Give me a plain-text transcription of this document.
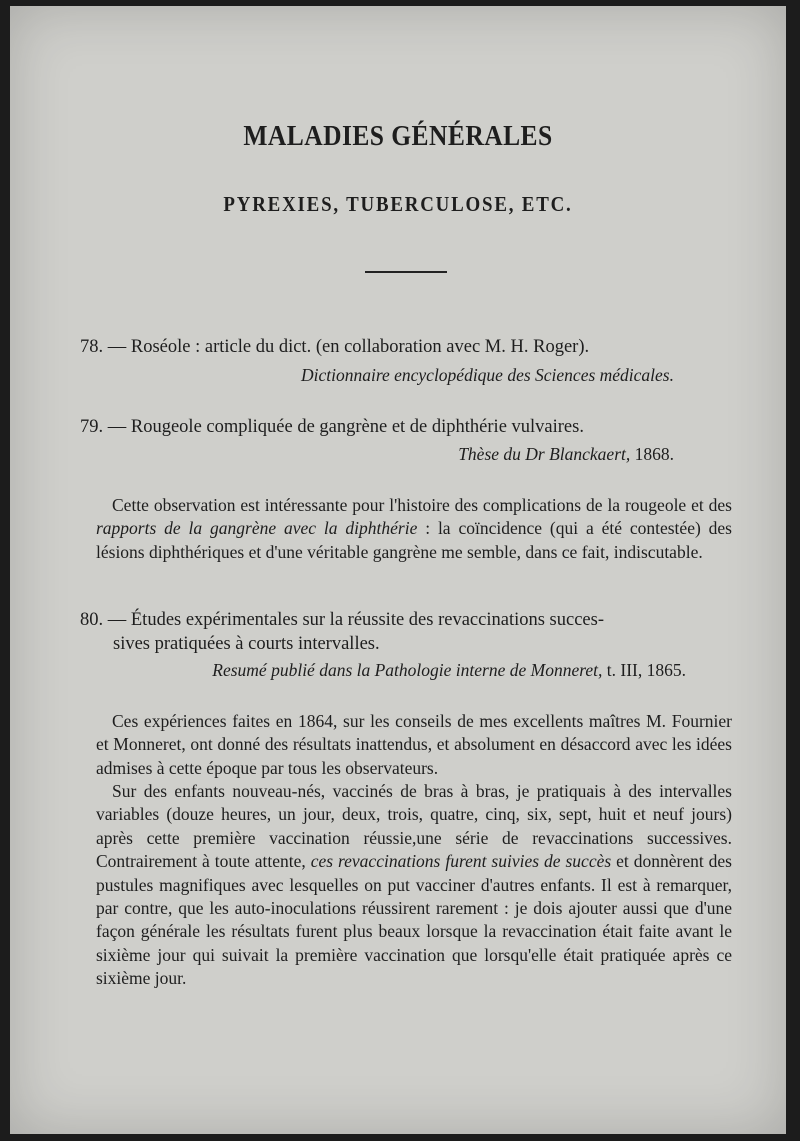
MALADIES GÉNÉRALES
PYREXIES, TUBERCULOSE, ETC.
78. — Roséole : article du dict. (en collaboration avec M. H. Roger).
Dictionnaire encyclopédique des Sciences médicales.
79. — Rougeole compliquée de gangrène et de diphthérie vulvaires.
Thèse du Dr Blanckaert, 1868.
Cette observation est intéressante pour l'histoire des complications de la rougeole et des rapports de la gangrène avec la diphthérie : la coïncidence (qui a été contestée) des lésions diphthériques et d'une véritable gangrène me semble, dans ce fait, indiscutable.
80. — Études expérimentales sur la réussite des revaccinations succes-
sives pratiquées à courts intervalles.
Resumé publié dans la Pathologie interne de Monneret, t. III, 1865.
Ces expériences faites en 1864, sur les conseils de mes excellents maîtres M. Fournier et Monneret, ont donné des résultats inattendus, et absolument en désaccord avec les idées admises à cette époque par tous les observateurs.
Sur des enfants nouveau-nés, vaccinés de bras à bras, je pratiquais à des intervalles variables (douze heures, un jour, deux, trois, quatre, cinq, six, sept, huit et neuf jours) après cette première vaccination réussie,une série de revaccinations successives. Contrairement à toute attente, ces revaccinations furent suivies de succès et donnèrent des pustules magnifiques avec lesquelles on put vacciner d'autres enfants. Il est à remarquer, par contre, que les auto-inoculations réussirent rarement : je dois ajouter aussi que d'une façon générale les résultats furent plus beaux lorsque la revaccination était faite avant le sixième jour qui suivait la première vaccination que lorsqu'elle était pratiquée après ce sixième jour.
